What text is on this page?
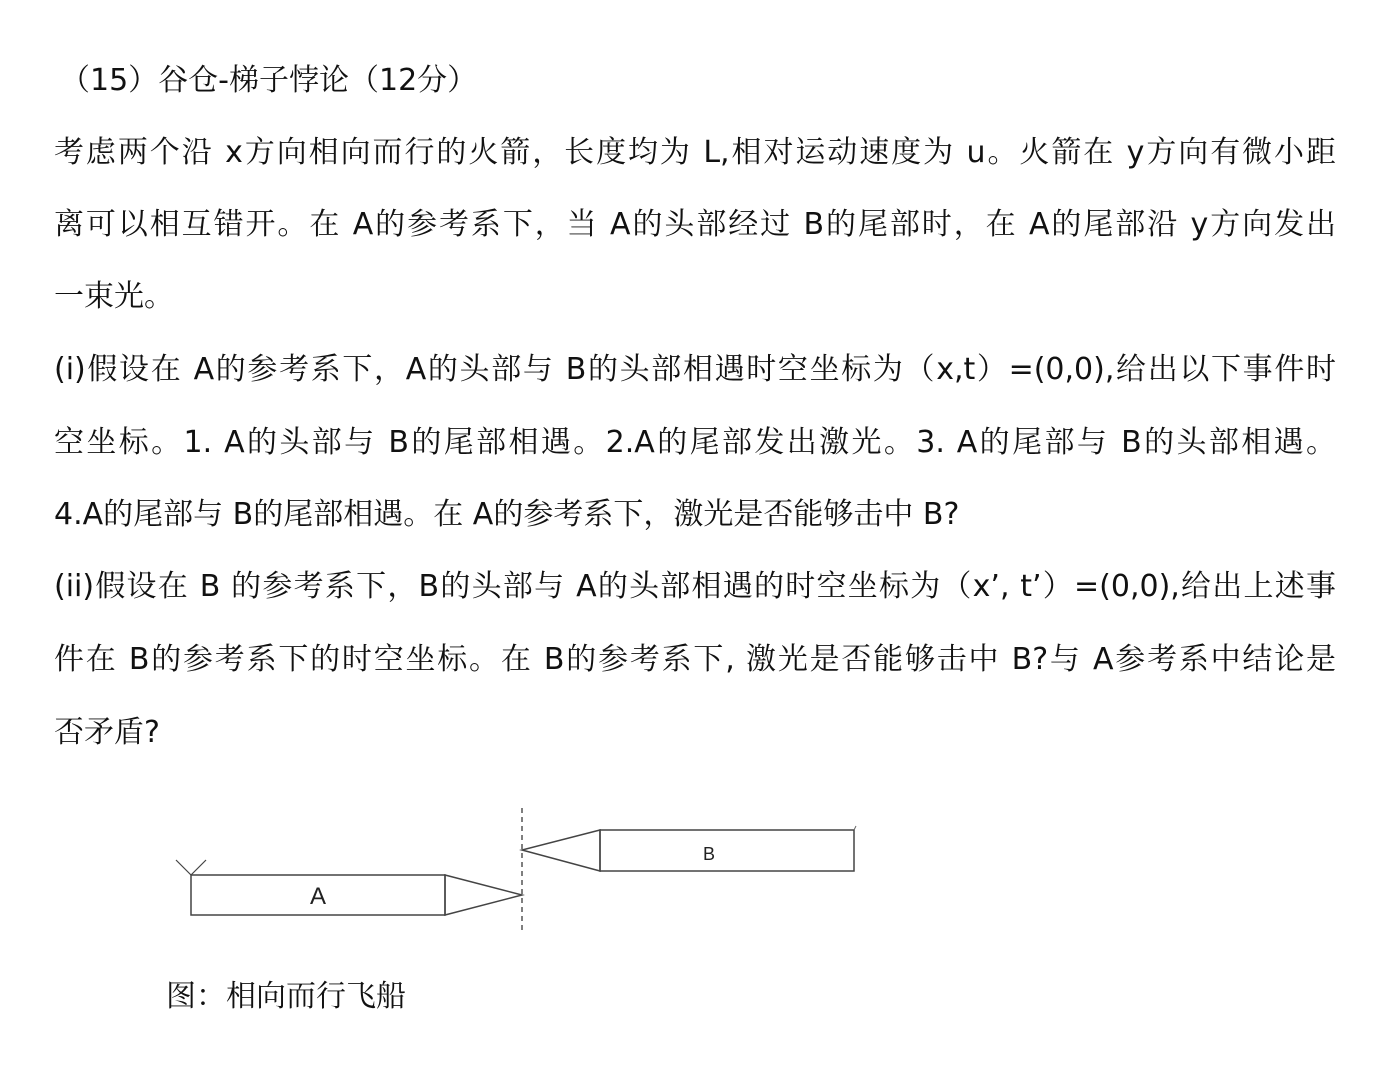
（15）谷仓-梯子悖论（12分）
考虑两个沿 x方向相向而行的火箭，长度均为 L,相对运动速度为 u。火箭在 y方向有微小距
离可以相互错开。在 A的参考系下，当 A的头部经过 B的尾部时，在 A的尾部沿 y方向发出
一束光。
(i)假设在 A的参考系下，A的头部与 B的头部相遇时空坐标为（x,t）=(0,0),给出以下事件时
空坐标。1. A的头部与 B的尾部相遇。2.A的尾部发出激光。3. A的尾部与 B的头部相遇。
4.A的尾部与 B的尾部相遇。在 A的参考系下，激光是否能够击中 B?
(ii)假设在 B 的参考系下，B的头部与 A的头部相遇的时空坐标为（x’, t’）=(0,0),给出上述事
件在 B的参考系下的时空坐标。在 B的参考系下, 激光是否能够击中 B?与 A参考系中结论是
否矛盾?
A
B
图：相向而行飞船
